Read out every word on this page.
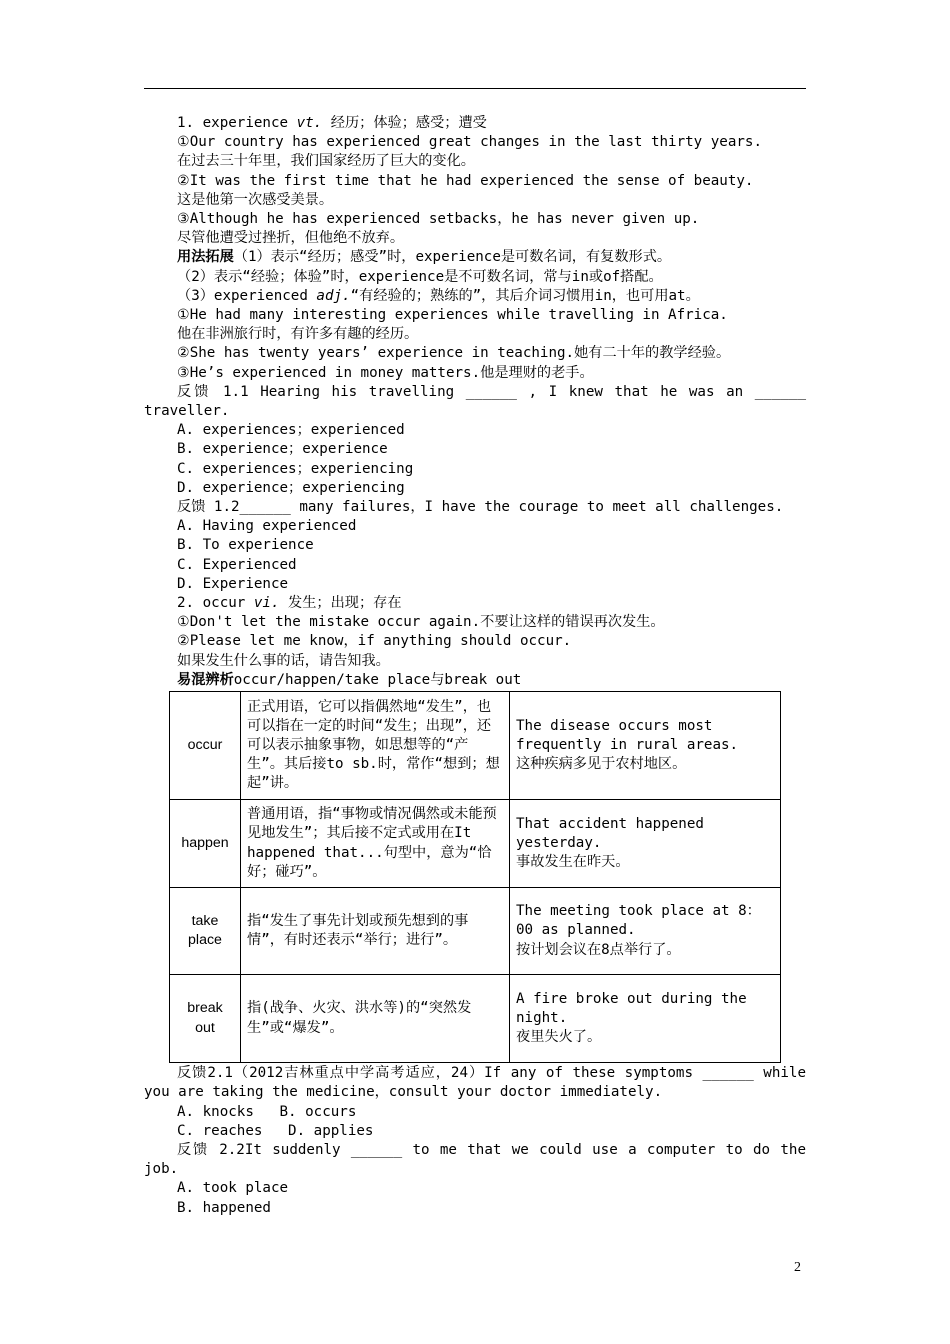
1. experience vt. 经历；体验；感受；遭受
①Our country has experienced great changes in the last thirty years.
在过去三十年里，我们国家经历了巨大的变化。
②It was the first time that he had experienced the sense of beauty.
这是他第一次感受美景。
③Although he has experienced setbacks，he has never given up.
尽管他遭受过挫折，但他绝不放弃。
用法拓展（1）表示“经历；感受”时，experience是可数名词，有复数形式。
（2）表示“经验；体验”时，experience是不可数名词，常与in或of搭配。
（3）experienced adj.“有经验的；熟练的”，其后介词习惯用in，也可用at。
①He had many interesting experiences while travelling in Africa.
他在非洲旅行时，有许多有趣的经历。
②She has twenty years’ experience in teaching.她有二十年的教学经验。
③He’s experienced in money matters.他是理财的老手。
反馈 1.1 Hearing his travelling ______ , I knew that he was an ______
traveller.
A. experiences；experienced
B. experience；experience
C. experiences；experiencing
D. experience；experiencing
反馈 1.2______ many failures，I have the courage to meet all challenges.
A. Having experienced
B. To experience
C. Experienced
D. Experience
2. occur vi. 发生；出现；存在
①Don't let the mistake occur again.不要让这样的错误再次发生。
②Please let me know，if anything should occur.
如果发生什么事的话，请告知我。
易混辨析occur/happen/take place与break out
occur	正式用语，它可以指偶然地“发生”，也可以指在一定的时间“发生；出现”，还可以表示抽象事物，如思想等的“产生”。其后接to sb.时，常作“想到；想起”讲。	The disease occurs most frequently in rural areas.
这种疾病多见于农村地区。

happen	普通用语，指“事物或情况偶然或未能预见地发生”；其后接不定式或用在It happened that...句型中，意为“恰好；碰巧”。	That accident happened yesterday.
事故发生在昨天。

take place	指“发生了事先计划或预先想到的事情”，有时还表示“举行；进行”。	The meeting took place at 8：00 as planned.
按计划会议在8点举行了。

break out	指(战争、火灾、洪水等)的“突然发生”或“爆发”。	A fire broke out during the night.
夜里失火了。
反馈2.1（2012吉林重点中学高考适应，24）If any of these symptoms ______ while
you are taking the medicine，consult your doctor immediately.
A. knocks   B. occurs
C. reaches   D. applies
反馈 2.2It suddenly ______ to me that we could use a computer to do the
job.
A. took place
B. happened
2
